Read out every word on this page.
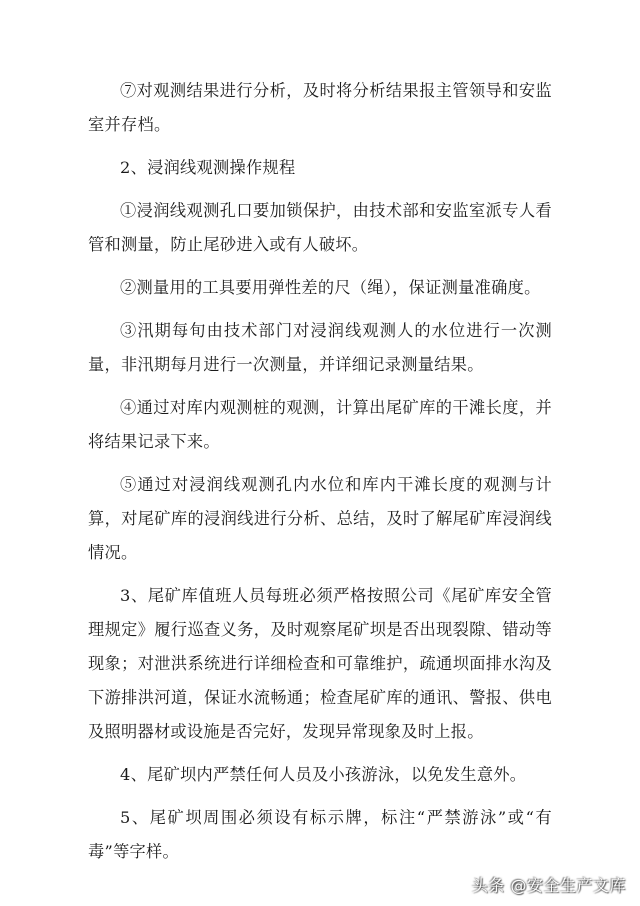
⑦对观测结果进行分析，及时将分析结果报主管领导和安监室并存档。

2、浸润线观测操作规程

①浸润线观测孔口要加锁保护，由技术部和安监室派专人看管和测量，防止尾砂进入或有人破坏。

②测量用的工具要用弹性差的尺（绳），保证测量准确度。

③汛期每旬由技术部门对浸润线观测人的水位进行一次测量，非汛期每月进行一次测量，并详细记录测量结果。

④通过对库内观测桩的观测，计算出尾矿库的干滩长度，并将结果记录下来。

⑤通过对浸润线观测孔内水位和库内干滩长度的观测与计算，对尾矿库的浸润线进行分析、总结，及时了解尾矿库浸润线情况。

3、尾矿库值班人员每班必须严格按照公司《尾矿库安全管理规定》履行巡查义务，及时观察尾矿坝是否出现裂隙、错动等现象；对泄洪系统进行详细检查和可靠维护，疏通坝面排水沟及下游排洪河道，保证水流畅通；检查尾矿库的通讯、警报、供电及照明器材或设施是否完好，发现异常现象及时上报。

4、尾矿坝内严禁任何人员及小孩游泳，以免发生意外。

5、尾矿坝周围必须设有标示牌，标注“严禁游泳”或“有毒”等字样。

头条 @安全生产文库
